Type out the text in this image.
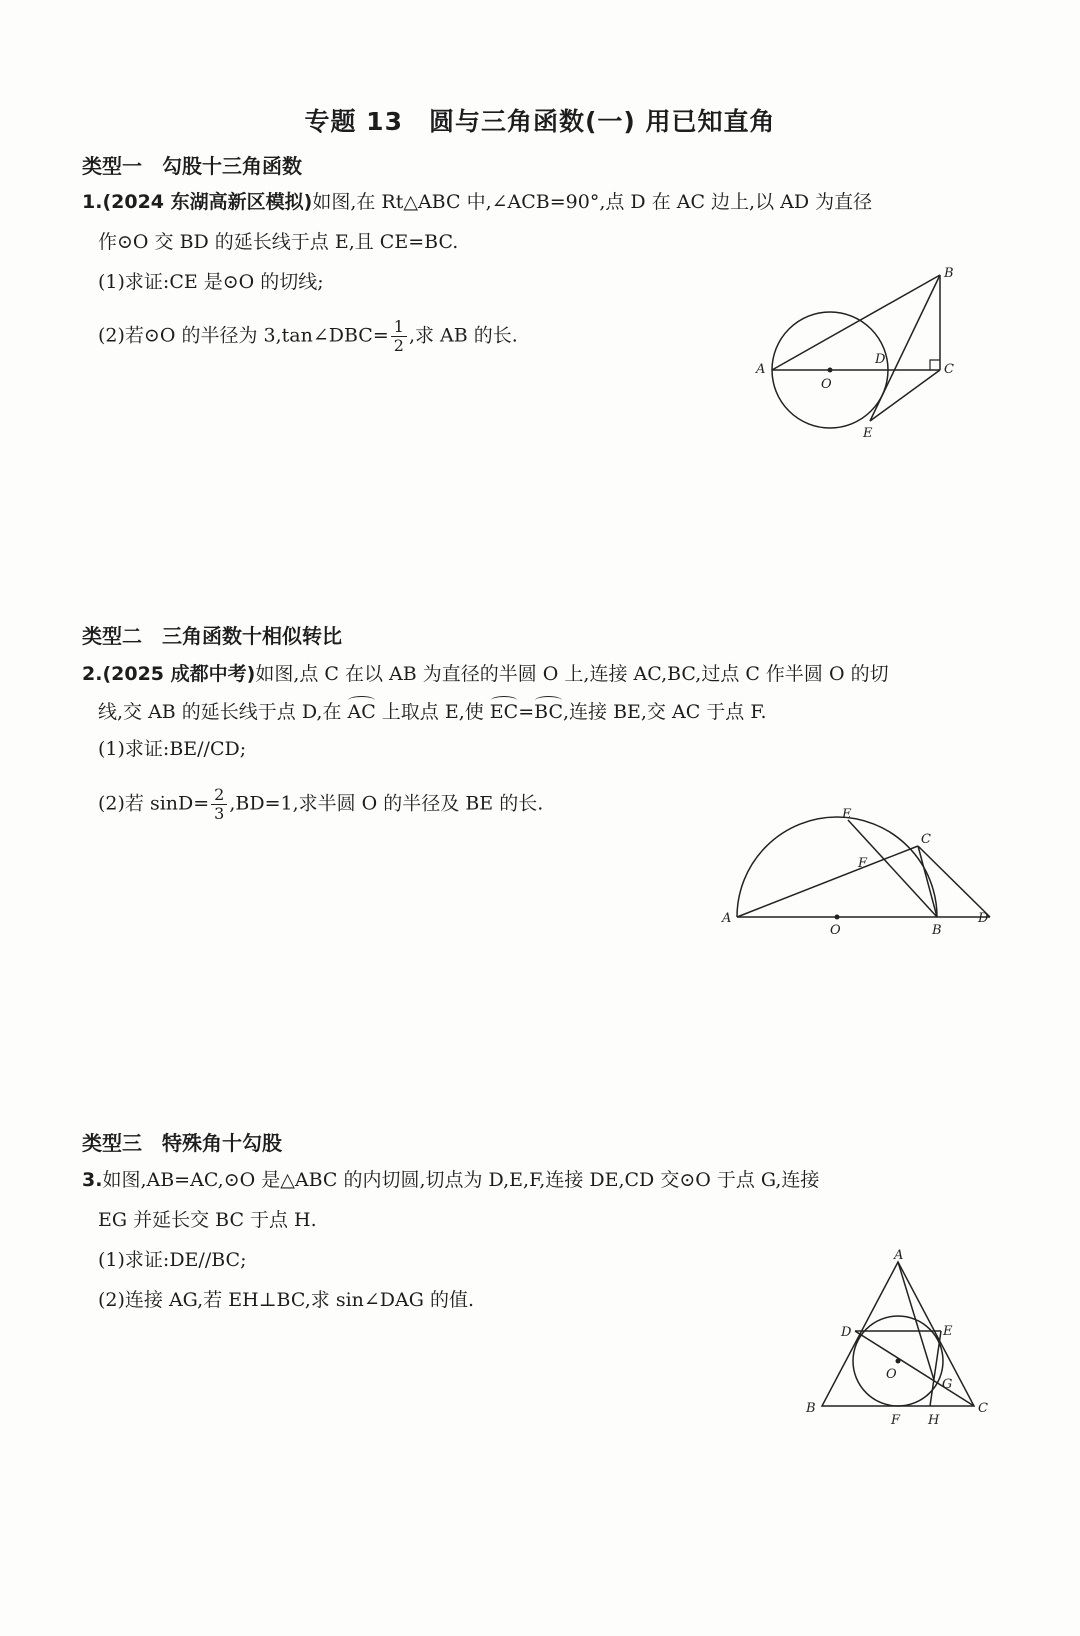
专题 13　圆与三角函数(一) 用已知直角
类型一　勾股十三角函数
1.(2024 东湖高新区模拟)如图,在 Rt△ABC 中,∠ACB=90°,点 D 在 AC 边上,以 AD 为直径
作⊙O 交 BD 的延长线于点 E,且 CE=BC.
(1)求证:CE 是⊙O 的切线;
(2)若⊙O 的半径为 3,tan∠DBC= $\frac{1}{2}$ ,求 AB 的长.
A
B
C
D
E
O
类型二　三角函数十相似转比
2.(2025 成都中考)如图,点 C 在以 AB 为直径的半圆 O 上,连接 AC,BC,过点 C 作半圆 O 的切
线,交 AB 的延长线于点 D,在 AC 上取点 E,使 EC=BC,连接 BE,交 AC 于点 F.
(1)求证:BE//CD;
(2)若 $\sin D= \frac{2}{3} ,BD=1$,求半圆 O 的半径及 BE 的长.
A
B
C
D
E
F
O
类型三　特殊角十勾股
3.如图,AB=AC,⊙O 是△ABC 的内切圆,切点为 D,E,F,连接 DE,CD 交⊙O 于点 G,连接
EG 并延长交 BC 于点 H.
(1)求证:DE//BC;
(2)连接 AG,若 EH⊥BC,求 sin∠DAG 的值.
A
B	C
D	E
F
G
H
O
